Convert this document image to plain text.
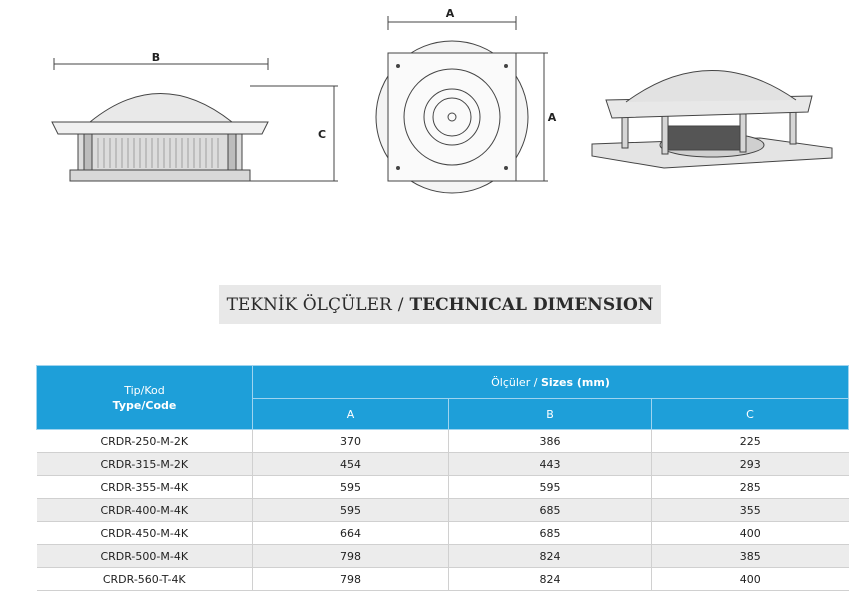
B
C
A
A
TEKNİK ÖLÇÜLER / TECHNICAL DIMENSION
Tip/Kod
Type/Code	Ölçüler / Sizes (mm)		
	A	B	C
CRDR-250-M-2K	370	386	225
CRDR-315-M-2K	454	443	293
CRDR-355-M-4K	595	595	285
CRDR-400-M-4K	595	685	355
CRDR-450-M-4K	664	685	400
CRDR-500-M-4K	798	824	385
CRDR-560-T-4K	798	824	400
